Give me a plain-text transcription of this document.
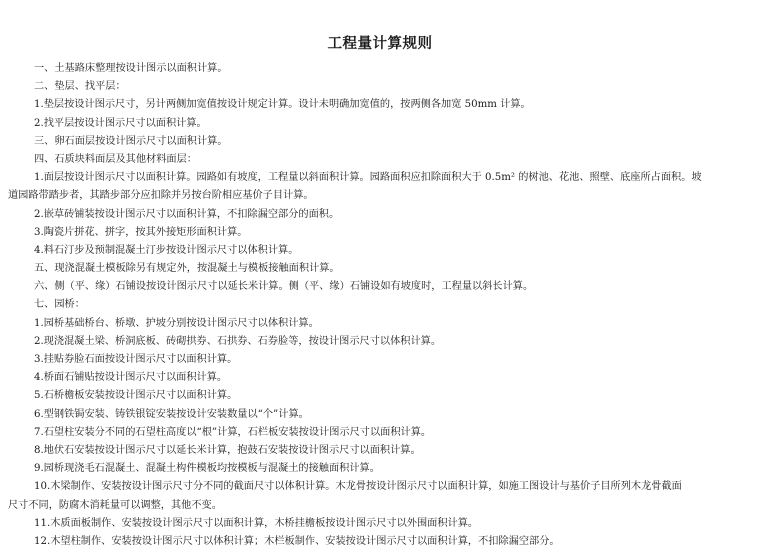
工程量计算规则
一、土基路床整理按设计图示以面积计算。
二、垫层、找平层：
1.垫层按设计图示尺寸，另计两侧加宽值按设计规定计算。设计未明确加宽值的，按两侧各加宽 50mm 计算。
2.找平层按设计图示尺寸以面积计算。
三、卵石面层按设计图示尺寸以面积计算。
四、石质块料面层及其他材料面层：
1.面层按设计图示尺寸以面积计算。园路如有坡度，工程量以斜面积计算。园路面积应扣除面积大于 0.5m² 的树池、花池、照壁、底座所占面积。坡
道园路带踏步者，其踏步部分应扣除并另按台阶相应基价子目计算。
2.嵌草砖铺装按设计图示尺寸以面积计算，不扣除漏空部分的面积。
3.陶瓷片拼花、拼字，按其外接矩形面积计算。
4.料石汀步及预制混凝土汀步按设计图示尺寸以体积计算。
五、现浇混凝土模板除另有规定外，按混凝土与模板接触面积计算。
六、侧（平、缘）石铺设按设计图示尺寸以延长米计算。侧（平、缘）石铺设如有坡度时，工程量以斜长计算。
七、园桥：
1.园桥基础桥台、桥墩、护坡分别按设计图示尺寸以体积计算。
2.现浇混凝土梁、桥洞底板、砖砌拱券、石拱券、石券脸等，按设计图示尺寸以体积计算。
3.挂贴券脸石面按设计图示尺寸以面积计算。
4.桥面石铺贴按设计图示尺寸以面积计算。
5.石桥檐板安装按设计图示尺寸以面积计算。
6.型钢铁锔安装、铸铁银锭安装按设计安装数量以“个”计算。
7.石望柱安装分不同的石望柱高度以“根”计算，石栏板安装按设计图示尺寸以面积计算。
8.地伏石安装按设计图示尺寸以延长米计算，抱鼓石安装按设计图示尺寸以面积计算。
9.园桥现浇毛石混凝土、混凝土构件模板均按模板与混凝土的接触面积计算。
10.木梁制作、安装按设计图示尺寸分不同的截面尺寸以体积计算。木龙骨按设计图示尺寸以面积计算，如施工图设计与基价子目所列木龙骨截面
尺寸不同，防腐木消耗量可以调整，其他不变。
11.木质面板制作、安装按设计图示尺寸以面积计算，木桥挂檐板按设计图示尺寸以外围面积计算。
12.木望柱制作、安装按设计图示尺寸以体积计算；木栏板制作、安装按设计图示尺寸以面积计算，不扣除漏空部分。
